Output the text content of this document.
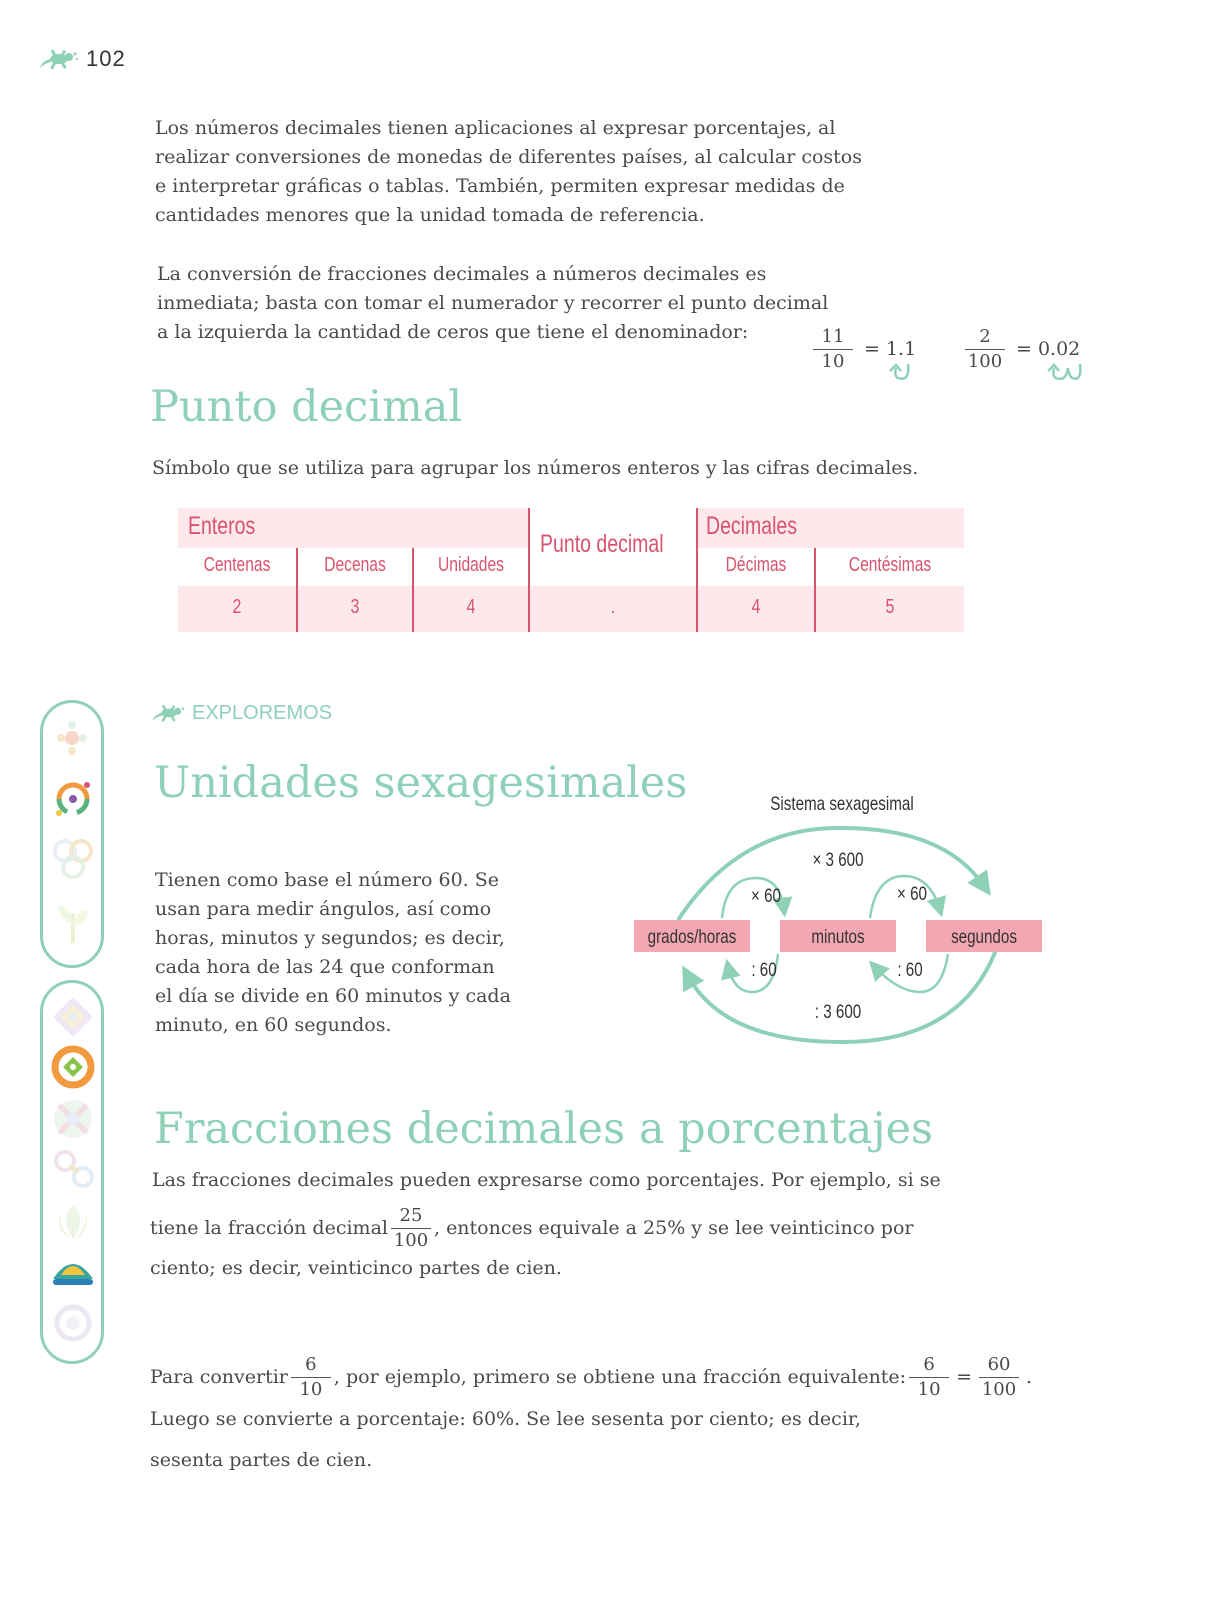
102
Los números decimales tienen aplicaciones al expresar porcentajes, al
realizar conversiones de monedas de diferentes países, al calcular costos
e interpretar gráficas o tablas. También, permiten expresar medidas de
cantidades menores que la unidad tomada de referencia.
La conversión de fracciones decimales a números decimales es
inmediata; basta con tomar el numerador y recorrer el punto decimal
a la izquierda la cantidad de ceros que tiene el denominador:	$\frac{11}{10} = 1.1$	$\frac{2}{100} = 0.02$
Punto decimal
Símbolo que se utiliza para agrupar los números enteros y las cifras decimales.
Enteros
Punto decimal
Decimales
Centenas	Decenas	Unidades	Décimas	Centésimas
2	3	4	.	4	5
EXPLOREMOS
Unidades sexagesimales
Tienen como base el número 60. Se
usan para medir ángulos, así como
horas, minutos y segundos; es decir,
cada hora de las 24 que conforman
el día se divide en 60 minutos y cada
minuto, en 60 segundos.
Sistema sexagesimal
grados/horas	minutos	segundos
× 3 600
× 60	× 60
: 60	: 60
: 3 600
Fracciones decimales a porcentajes
Las fracciones decimales pueden expresarse como porcentajes. Por ejemplo, si se
tiene la fracción decimal $\frac{25}{100}$ , entonces equivale a 25% y se lee veinticinco por
ciento; es decir, veinticinco partes de cien.
Para convertir $\frac{6}{10}$ , por ejemplo, primero se obtiene una fracción equivalente: $\frac{6}{10} = \frac{60}{100}$ .
Luego se convierte a porcentaje: 60%. Se lee sesenta por ciento; es decir,
sesenta partes de cien.
